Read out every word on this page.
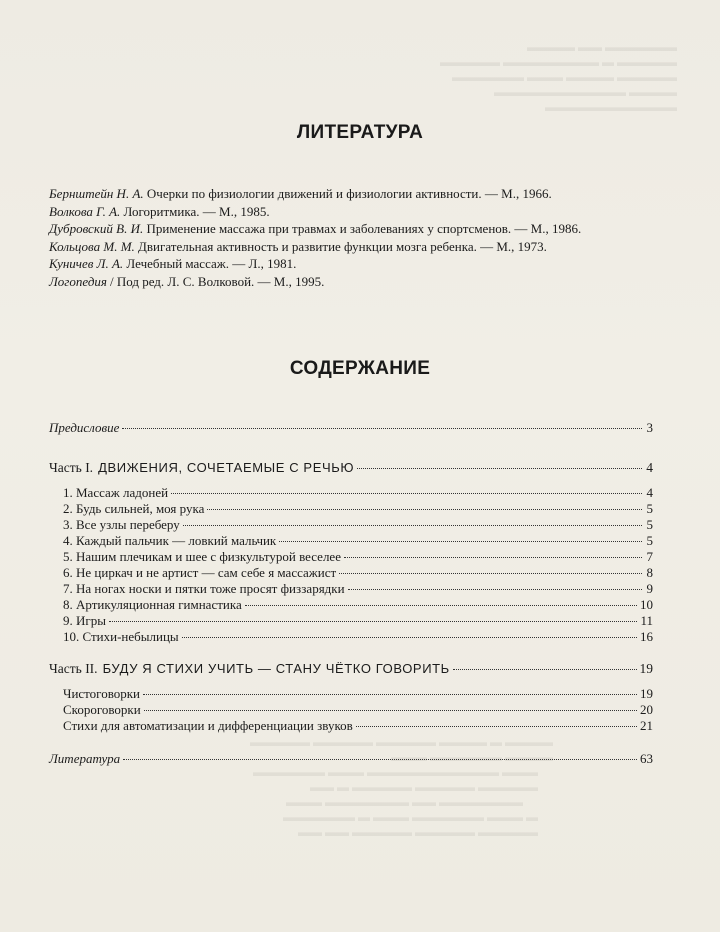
▬▬▬▬▬▬ ▬▬ ▬▬▬▬
▬▬▬▬▬ ▬ ▬▬▬▬▬▬▬▬ ▬▬▬▬▬
▬▬▬▬▬ ▬▬▬▬ ▬▬▬ ▬▬▬▬▬▬
▬▬▬▬ ▬▬▬▬▬▬▬▬▬▬▬
▬▬▬▬▬▬▬▬▬▬▬
ЛИТЕРАТУРА
Бернштейн Н. А. Очерки по физиологии движений и физиологии активности. — М., 1966.
Волкова Г. А. Логоритмика. — М., 1985.
Дубровский В. И. Применение массажа при травмах и заболеваниях у спортсменов. — М., 1986.
Кольцова М. М. Двигательная активность и развитие функции мозга ребенка. — М., 1973.
Куничев Л. А. Лечебный массаж. — Л., 1981.
Логопедия / Под ред. Л. С. Волковой. — М., 1995.
СОДЕРЖАНИЕ
Предисловие	3
Часть I. ДВИЖЕНИЯ, СОЧЕТАЕМЫЕ С РЕЧЬЮ	4
1. Массаж ладоней	4
2. Будь сильней, моя рука	5
3. Все узлы переберу	5
4. Каждый пальчик — ловкий мальчик	5
5. Нашим плечикам и шее с физкультурой веселее	7
6. Не циркач и не артист — сам себе я массажист	8
7. На ногах носки и пятки тоже просят физзарядки	9
8. Артикуляционная гимнастика	10
9. Игры	11
10. Стихи-небылицы	16
Часть II. БУДУ Я СТИХИ УЧИТЬ — СТАНУ ЧЁТКО ГОВОРИТЬ	19
Чистоговорки	19
Скороговорки	20
Стихи для автоматизации и дифференциации звуков	21
Литература	63
▬▬▬▬ ▬ ▬▬▬▬ ▬▬▬▬▬ ▬▬▬▬▬ ▬▬▬▬▬
▬▬▬▬ ▬▬▬▬▬▬ ▬▬▬
▬▬▬ ▬▬▬▬▬▬▬▬▬▬▬ ▬▬▬ ▬▬▬▬▬▬
▬▬▬▬▬ ▬▬▬▬▬ ▬▬▬▬▬ ▬ ▬▬
▬▬▬▬▬▬▬ ▬▬ ▬▬▬▬▬▬▬ ▬▬▬
▬ ▬▬▬ ▬▬▬▬▬▬ ▬▬▬ ▬ ▬▬▬▬▬▬
▬▬▬▬▬ ▬▬▬▬▬ ▬▬▬▬▬ ▬▬ ▬▬
